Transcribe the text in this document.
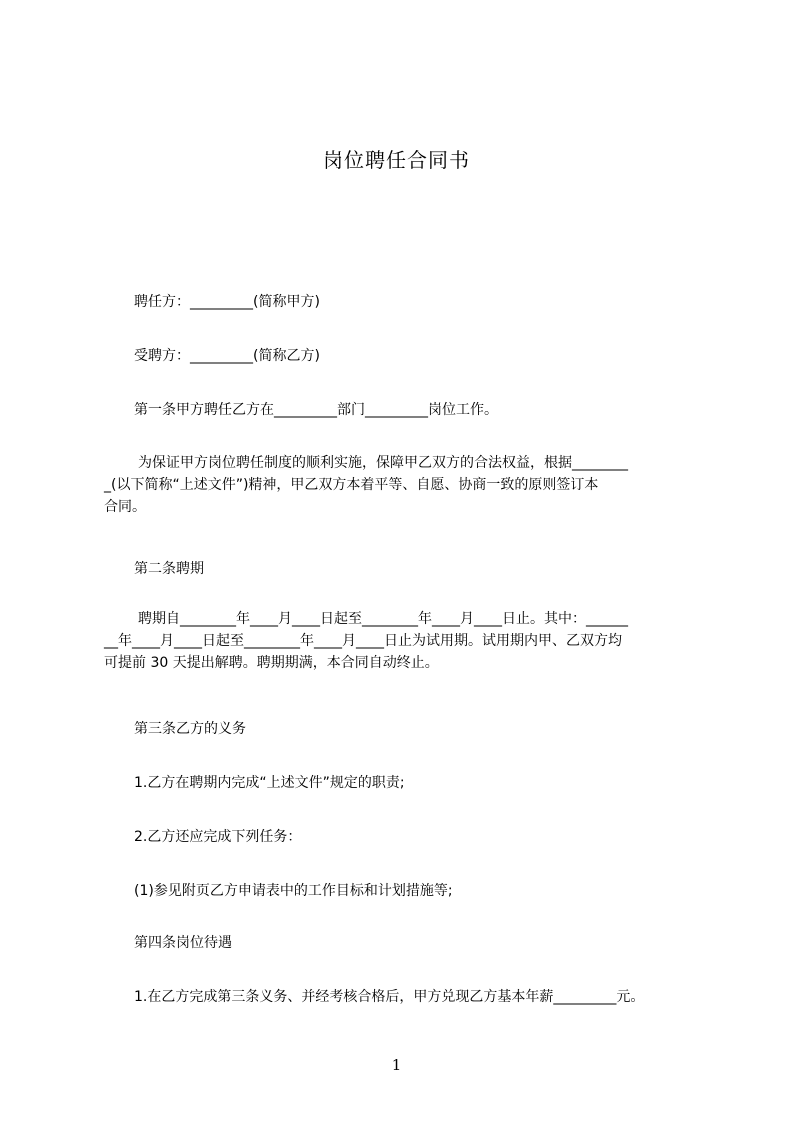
岗位聘任合同书
聘任方：_________(简称甲方)
受聘方：_________(简称乙方)
第一条甲方聘任乙方在_________部门_________岗位工作。
为保证甲方岗位聘任制度的顺利实施，保障甲乙双方的合法权益，根据________
_(以下简称“上述文件”)精神，甲乙双方本着平等、自愿、协商一致的原则签订本
合同。
第二条聘期
聘期自________年____月____日起至________年____月____日止。其中：______
__年____月____日起至________年____月____日止为试用期。试用期内甲、乙双方均
可提前 30 天提出解聘。聘期期满，本合同自动终止。
第三条乙方的义务
1.乙方在聘期内完成“上述文件”规定的职责;
2.乙方还应完成下列任务：
(1)参见附页乙方申请表中的工作目标和计划措施等;
第四条岗位待遇
1.在乙方完成第三条义务、并经考核合格后，甲方兑现乙方基本年薪_________元。
1
